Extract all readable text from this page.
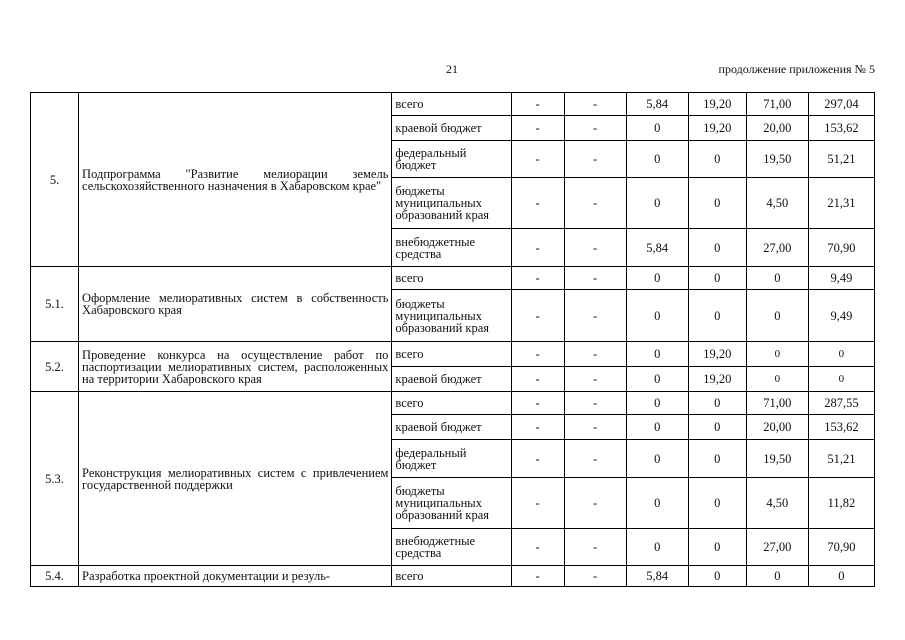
21	продолжение приложения № 5
5.	Подпрограмма "Развитие мелиорации земель сельскохозяйственного назначения в Хабаровском крае"	всего	-	-	5,84	19,20	71,00	297,04
		краевой бюджет	-	-	0	19,20	20,00	153,62
		федеральный бюджет	-	-	0	0	19,50	51,21
		бюджеты муниципальных образований края	-	-	0	0	4,50	21,31
		внебюджетные средства	-	-	5,84	0	27,00	70,90
5.1.	Оформление мелиоративных систем в собственность Хабаровского края	всего	-	-	0	0	0	9,49
		бюджеты муниципальных образований края	-	-	0	0	0	9,49
5.2.	Проведение конкурса на осуществление работ по паспортизации мелиоративных систем, расположенных на территории Хабаровского края	всего	-	-	0	19,20	0	0
		краевой бюджет	-	-	0	19,20	0	0
5.3.	Реконструкция мелиоративных систем с привлечением государственной поддержки	всего	-	-	0	0	71,00	287,55
		краевой бюджет	-	-	0	0	20,00	153,62
		федеральный бюджет	-	-	0	0	19,50	51,21
		бюджеты муниципальных образований края	-	-	0	0	4,50	11,82
		внебюджетные средства	-	-	0	0	27,00	70,90
5.4.	Разработка проектной документации и резуль-	всего	-	-	5,84	0	0	0
